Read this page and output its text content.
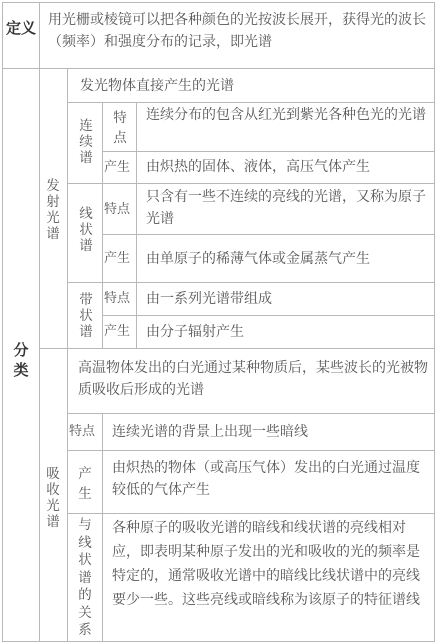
定义 用光栅或棱镜可以把各种颜色的光按波长展开，获得光的波长（频率）和强度分布的记录，即光谱
分类
发射光谱
发光物体直接产生的光谱
连续谱
特点
连续分布的包含从红光到紫光各种色光的光谱
产生 由炽热的固体、液体，高压气体产生
线状谱
特点
只含有一些不连续的亮线的光谱，又称为原子光谱
产生 由单原子的稀薄气体或金属蒸气产生
带状谱
特点 由一系列光谱带组成
产生 由分子辐射产生
吸收光谱
高温物体发出的白光通过某种物质后，某些波长的光被物质吸收后形成的光谱
特点 连续光谱的背景上出现一些暗线
产生
由炽热的物体（或高压气体）发出的白光通过温度较低的气体产生
与线状谱的关系
各种原子的吸收光谱的暗线和线状谱的亮线相对应，即表明某种原子发出的光和吸收的光的频率是特定的，通常吸收光谱中的暗线比线状谱中的亮线要少一些。这些亮线或暗线称为该原子的特征谱线
